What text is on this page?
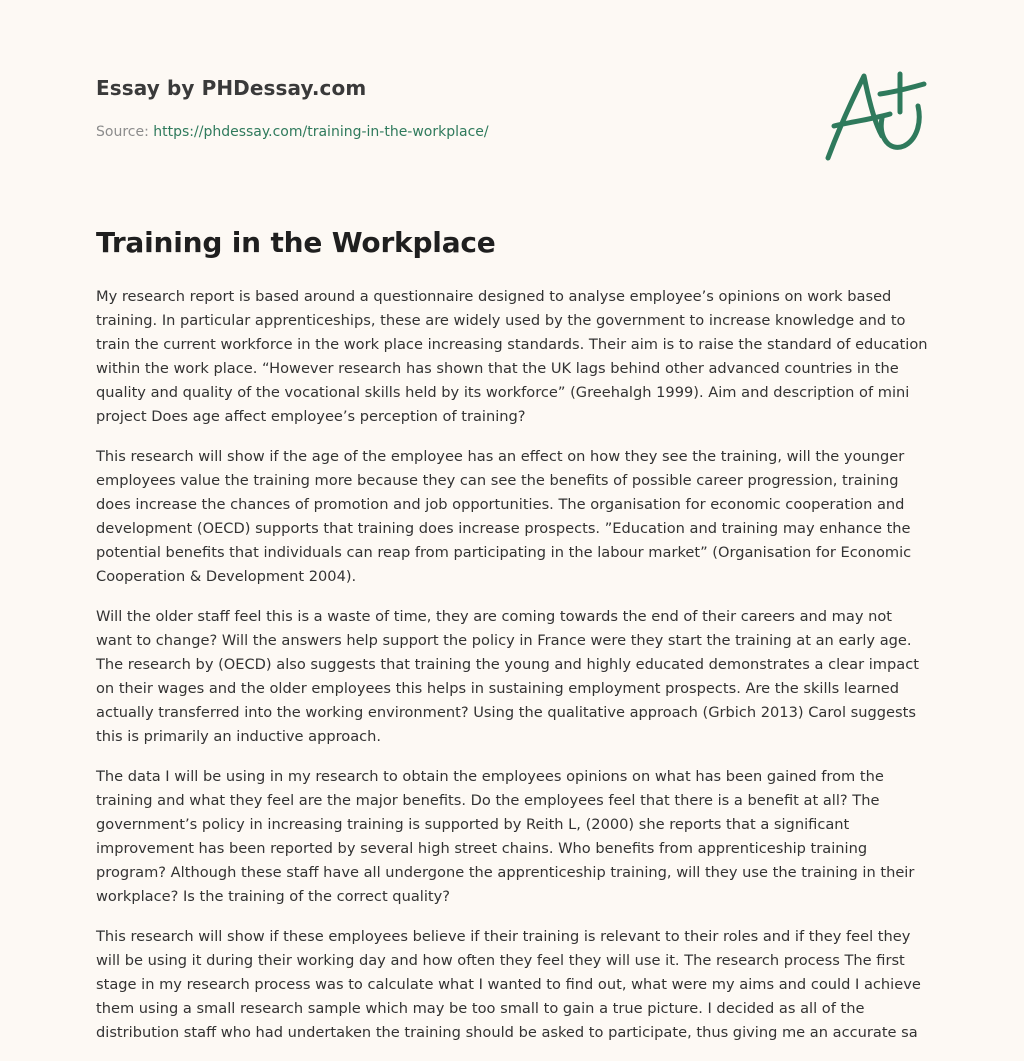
Essay by PHDessay.com
Source: https://phdessay.com/training-in-the-workplace/
Training in the Workplace

My research report is based around a questionnaire designed to analyse employee’s opinions on work based training. In particular apprenticeships, these are widely used by the government to increase knowledge and to train the current workforce in the work place increasing standards. Their aim is to raise the standard of education within the work place. “However research has shown that the UK lags behind other advanced countries in the quality and quality of the vocational skills held by its workforce” (Greehalgh 1999). Aim and description of mini project Does age affect employee’s perception of training?

This research will show if the age of the employee has an effect on how they see the training, will the younger employees value the training more because they can see the benefits of possible career progression, training does increase the chances of promotion and job opportunities. The organisation for economic cooperation and development (OECD) supports that training does increase prospects. ”Education and training may enhance the potential benefits that individuals can reap from participating in the labour market” (Organisation for Economic Cooperation & Development 2004).

Will the older staff feel this is a waste of time, they are coming towards the end of their careers and may not want to change? Will the answers help support the policy in France were they start the training at an early age. The research by (OECD) also suggests that training the young and highly educated demonstrates a clear impact on their wages and the older employees this helps in sustaining employment prospects. Are the skills learned actually transferred into the working environment? Using the qualitative approach (Grbich 2013) Carol suggests this is primarily an inductive approach.

The data I will be using in my research to obtain the employees opinions on what has been gained from the training and what they feel are the major benefits. Do the employees feel that there is a benefit at all? The government’s policy in increasing training is supported by Reith L, (2000) she reports that a significant improvement has been reported by several high street chains. Who benefits from apprenticeship training program? Although these staff have all undergone the apprenticeship training, will they use the training in their workplace? Is the training of the correct quality?

This research will show if these employees believe if their training is relevant to their roles and if they feel they will be using it during their working day and how often they feel they will use it. The research process The first stage in my research process was to calculate what I wanted to find out, what were my aims and could I achieve them using a small research sample which may be too small to gain a true picture. I decided as all of the distribution staff who had undertaken the training should be asked to participate, thus giving me an accurate sa
